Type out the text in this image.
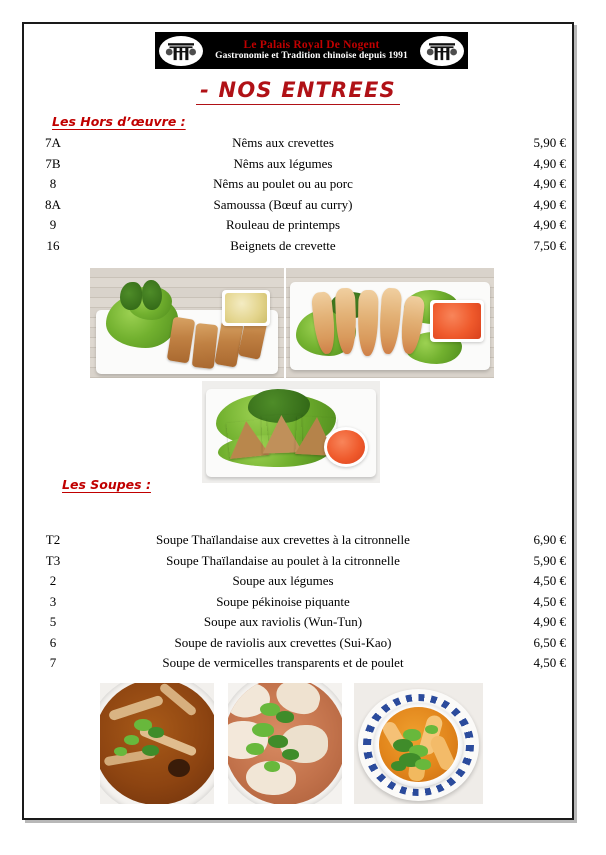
Le Palais Royal De Nogent
Gastronomie et Tradition chinoise depuis 1991
- NOS ENTREES
Les Hors d’œuvre :
7A	Nêms aux crevettes	5,90 €
7B	Nêms aux légumes	4,90 €
8	Nêms au poulet ou au porc	4,90 €
8A	Samoussa (Bœuf au curry)	4,90 €
9	Rouleau de printemps	4,90 €
16	Beignets de crevette	7,50 €
Les Soupes :
T2	Soupe Thaïlandaise aux crevettes à la citronnelle	6,90 €
T3	Soupe Thaïlandaise au poulet à la citronnelle	5,90 €
2	Soupe aux légumes	4,50 €
3	Soupe pékinoise piquante	4,50 €
5	Soupe aux raviolis (Wun-Tun)	4,90 €
6	Soupe de raviolis aux crevettes (Sui-Kao)	6,50 €
7	Soupe de vermicelles transparents et de poulet	4,50 €
